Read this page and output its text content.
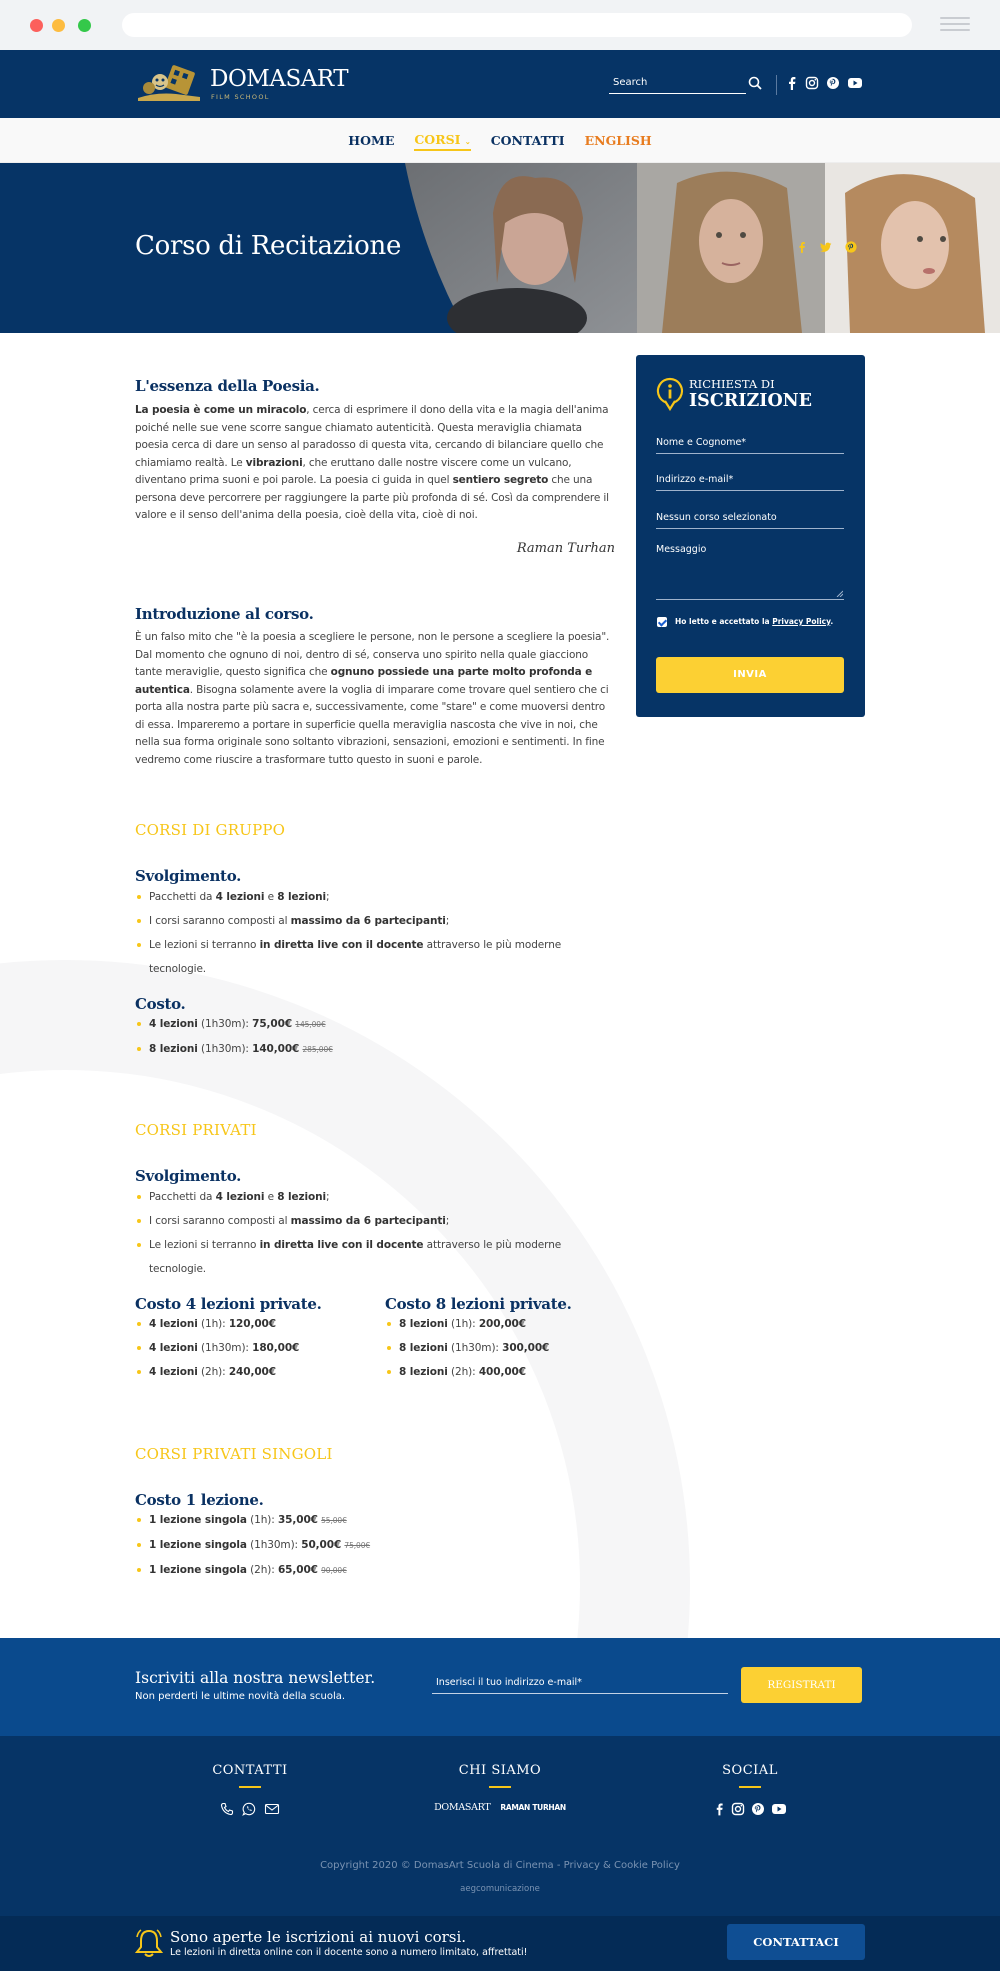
DOMASART
FILM SCHOOL
Search
HOME CORSI ⌄ CONTATTI ENGLISH
Corso di Recitazione
L'essenza della Poesia.

La poesia è come un miracolo, cerca di esprimere il dono della vita e la magia dell'anima poiché nelle sue vene scorre sangue chiamato autenticità. Questa meraviglia chiamata poesia cerca di dare un senso al paradosso di questa vita, cercando di bilanciare quello che chiamiamo realtà. Le vibrazioni, che eruttano dalle nostre viscere come un vulcano, diventano prima suoni e poi parole. La poesia ci guida in quel sentiero segreto che una persona deve percorrere per raggiungere la parte più profonda di sé. Così da comprendere il valore e il senso dell'anima della poesia, cioè della vita, cioè di noi.

Raman Turhan
Introduzione al corso.

È un falso mito che "è la poesia a scegliere le persone, non le persone a scegliere la poesia". Dal momento che ognuno di noi, dentro di sé, conserva uno spirito nella quale giacciono tante meraviglie, questo significa che ognuno possiede una parte molto profonda e autentica. Bisogna solamente avere la voglia di imparare come trovare quel sentiero che ci porta alla nostra parte più sacra e, successivamente, come "stare" e come muoversi dentro di essa. Impareremo a portare in superficie quella meraviglia nascosta che vive in noi, che nella sua forma originale sono soltanto vibrazioni, sensazioni, emozioni e sentimenti. In fine vedremo come riuscire a trasformare tutto questo in suoni e parole.

CORSI DI GRUPPO
Svolgimento.
Pacchetti da 4 lezioni e 8 lezioni;
I corsi saranno composti al massimo da 6 partecipanti;
Le lezioni si terranno in diretta live con il docente attraverso le più moderne tecnologie.
Costo.
4 lezioni (1h30m): 75,00€ 145,00€
8 lezioni (1h30m): 140,00€ 285,00€
CORSI PRIVATI
Svolgimento.
Pacchetti da 4 lezioni e 8 lezioni;
I corsi saranno composti al massimo da 6 partecipanti;
Le lezioni si terranno in diretta live con il docente attraverso le più moderne tecnologie.
Costo 4 lezioni private.
4 lezioni (1h): 120,00€
4 lezioni (1h30m): 180,00€
4 lezioni (2h): 240,00€
Costo 8 lezioni private.
8 lezioni (1h): 200,00€
8 lezioni (1h30m): 300,00€
8 lezioni (2h): 400,00€
CORSI PRIVATI SINGOLI
Costo 1 lezione.
1 lezione singola (1h): 35,00€ 55,00€
1 lezione singola (1h30m): 50,00€ 75,00€
1 lezione singola (2h): 65,00€ 90,00€
RICHIESTA DI
ISCRIZIONE
Nome e Cognome*
Indirizzo e-mail*
Nessun corso selezionato
Messaggio
Ho letto e accettato la Privacy Policy.
INVIA
Iscriviti alla nostra newsletter.
Non perderti le ultime novità della scuola.
Inserisci il tuo indirizzo e-mail*	REGISTRATI
CONTATTI	CHI SIAMO
DOMASART RAMAN TURHAN
SOCIAL
Copyright 2020 © DomasArt Scuola di Cinema - Privacy & Cookie Policy
aegcomunicazione
Sono aperte le iscrizioni ai nuovi corsi.
Le lezioni in diretta online con il docente sono a numero limitato, affrettati!
CONTATTACI
